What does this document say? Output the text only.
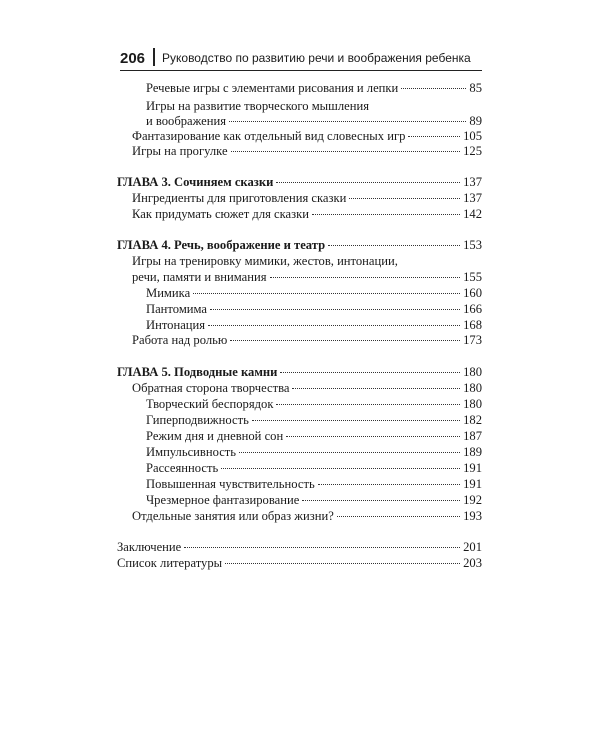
206 Руководство по развитию речи и воображения ребенка
Речевые игры с элементами рисования и лепки	85
Игры на развитие творческого мышления
и воображения	89
Фантазирование как отдельный вид словесных игр	105
Игры на прогулке	125
ГЛАВА 3. Сочиняем сказки	137
Ингредиенты для приготовления сказки	137
Как придумать сюжет для сказки	142
ГЛАВА 4. Речь, воображение и театр	153
Игры на тренировку мимики, жестов, интонации,
речи, памяти и внимания	155
Мимика	160
Пантомима	166
Интонация	168
Работа над ролью	173
ГЛАВА 5. Подводные камни	180
Обратная сторона творчества	180
Творческий беспорядок	180
Гиперподвижность	182
Режим дня и дневной сон	187
Импульсивность	189
Рассеянность	191
Повышенная чувствительность	191
Чрезмерное фантазирование	192
Отдельные занятия или образ жизни?	193
Заключение	201
Список литературы	203
